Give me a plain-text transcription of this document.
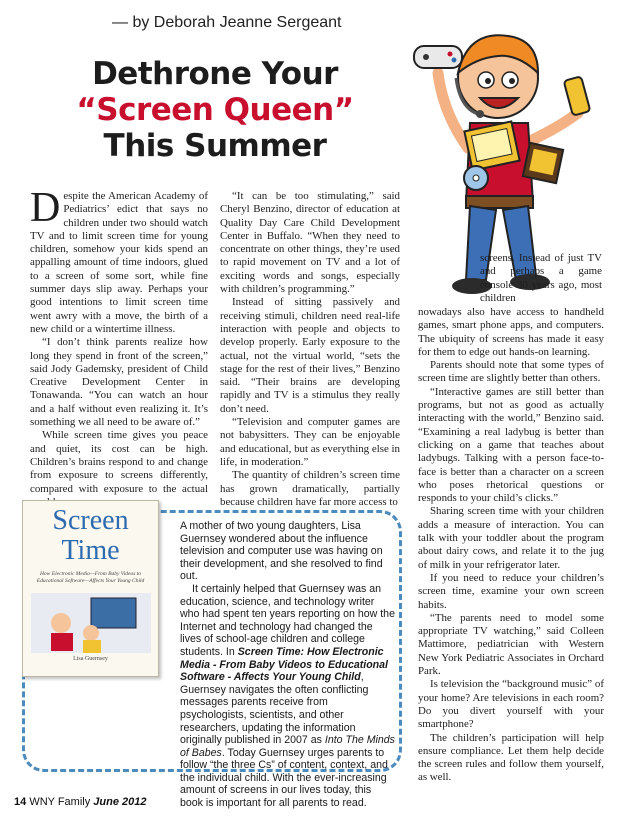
— by Deborah Jeanne Sergeant
Dethrone Your
“Screen Queen”
This Summer

Despite the American Academy of Pediatrics’ edict that says no children under two should watch TV and to limit screen time for young children, somehow your kids spend an appalling amount of time indoors, glued to a screen of some sort, while fine summer days slip away. Perhaps your good intentions to limit screen time went awry with a move, the birth of a new child or a wintertime illness.

“I don’t think parents realize how long they spend in front of the screen,” said Jody Gademsky, president of Child Creative Development Center in Tonawanda. “You can watch an hour and a half without even realizing it. It’s something we all need to be aware of.”

While screen time gives you peace and quiet, its cost can be high. Children’s brains respond to and change from exposure to screens differently, compared with exposure to the actual

“It can be too stimulating,” said Cheryl Benzino, director of education at Quality Day Care Child Development Center in Buffalo. “When they need to concentrate on other things, they’re used to rapid movement on TV and a lot of exciting words and songs, especially with children’s programming.”

Instead of sitting passively and receiving stimuli, children need real-life interaction with people and objects to develop properly. Early exposure to the actual, not the virtual world, “sets the stage for the rest of their lives,” Benzino said. “Their brains are developing rapidly and TV is a stimulus they really don’t need.

“Television and computer games are not babysitters. They can be enjoyable and educational, but as everything else in life, in moderation.”

The quantity of children’s screen time has grown dramatically, partially because children have far more access to

screens. Instead of just TV and perhaps a game console 30 years ago, most children

nowadays also have access to handheld games, smart phone apps, and computers. The ubiquity of screens has made it easy for them to edge out hands-on learning.

Parents should note that some types of screen time are slightly better than others.

“Interactive games are still better than programs, but not as good as actually interacting with the world,” Benzino said. “Examining a real ladybug is better than clicking on a game that teaches about ladybugs. Talking with a person face-to-face is better than a character on a screen who poses rhetorical questions or responds to your child’s clicks.”

Sharing screen time with your children adds a measure of interaction. You can talk with your toddler about the program about dairy cows, and relate it to the jug of milk in your refrigerator later.

If you need to reduce your children’s screen time, examine your own screen habits.

“The parents need to model some appropriate TV watching,” said Colleen Mattimore, pediatrician with Western New York Pediatric Associates in Orchard Park.

Is television the “background music” of your home? Are televisions in each room? Do you divert yourself with your smartphone?

The children’s participation will help ensure compliance. Let them help decide the screen rules and follow them yourself, as well.

Screen
Time
How Electronic Media—From Baby Videos to Educational Software—Affects Your Young Child
Lisa Guernsey
A mother of two young daughters, Lisa Guernsey wondered about the influence television and computer use was having on their development, and she resolved to find out.
It certainly helped that Guernsey was an education, science, and technology writer who had spent ten years reporting on how the Internet and technology had changed the lives of school-age children and college students. In Screen Time: How Electronic Media - From Baby Videos to Educational Software - Affects Your Young Child, Guernsey navigates the often conflicting messages parents receive from psychologists, scientists, and other researchers, updating the information originally published in 2007 as Into The Minds of Babes. Today Guernsey urges parents to follow “the three Cs” of content, context, and the individual child. With the ever-increasing amount of screens in our lives today, this book is important for all parents to read.
14 WNY Family June 2012
